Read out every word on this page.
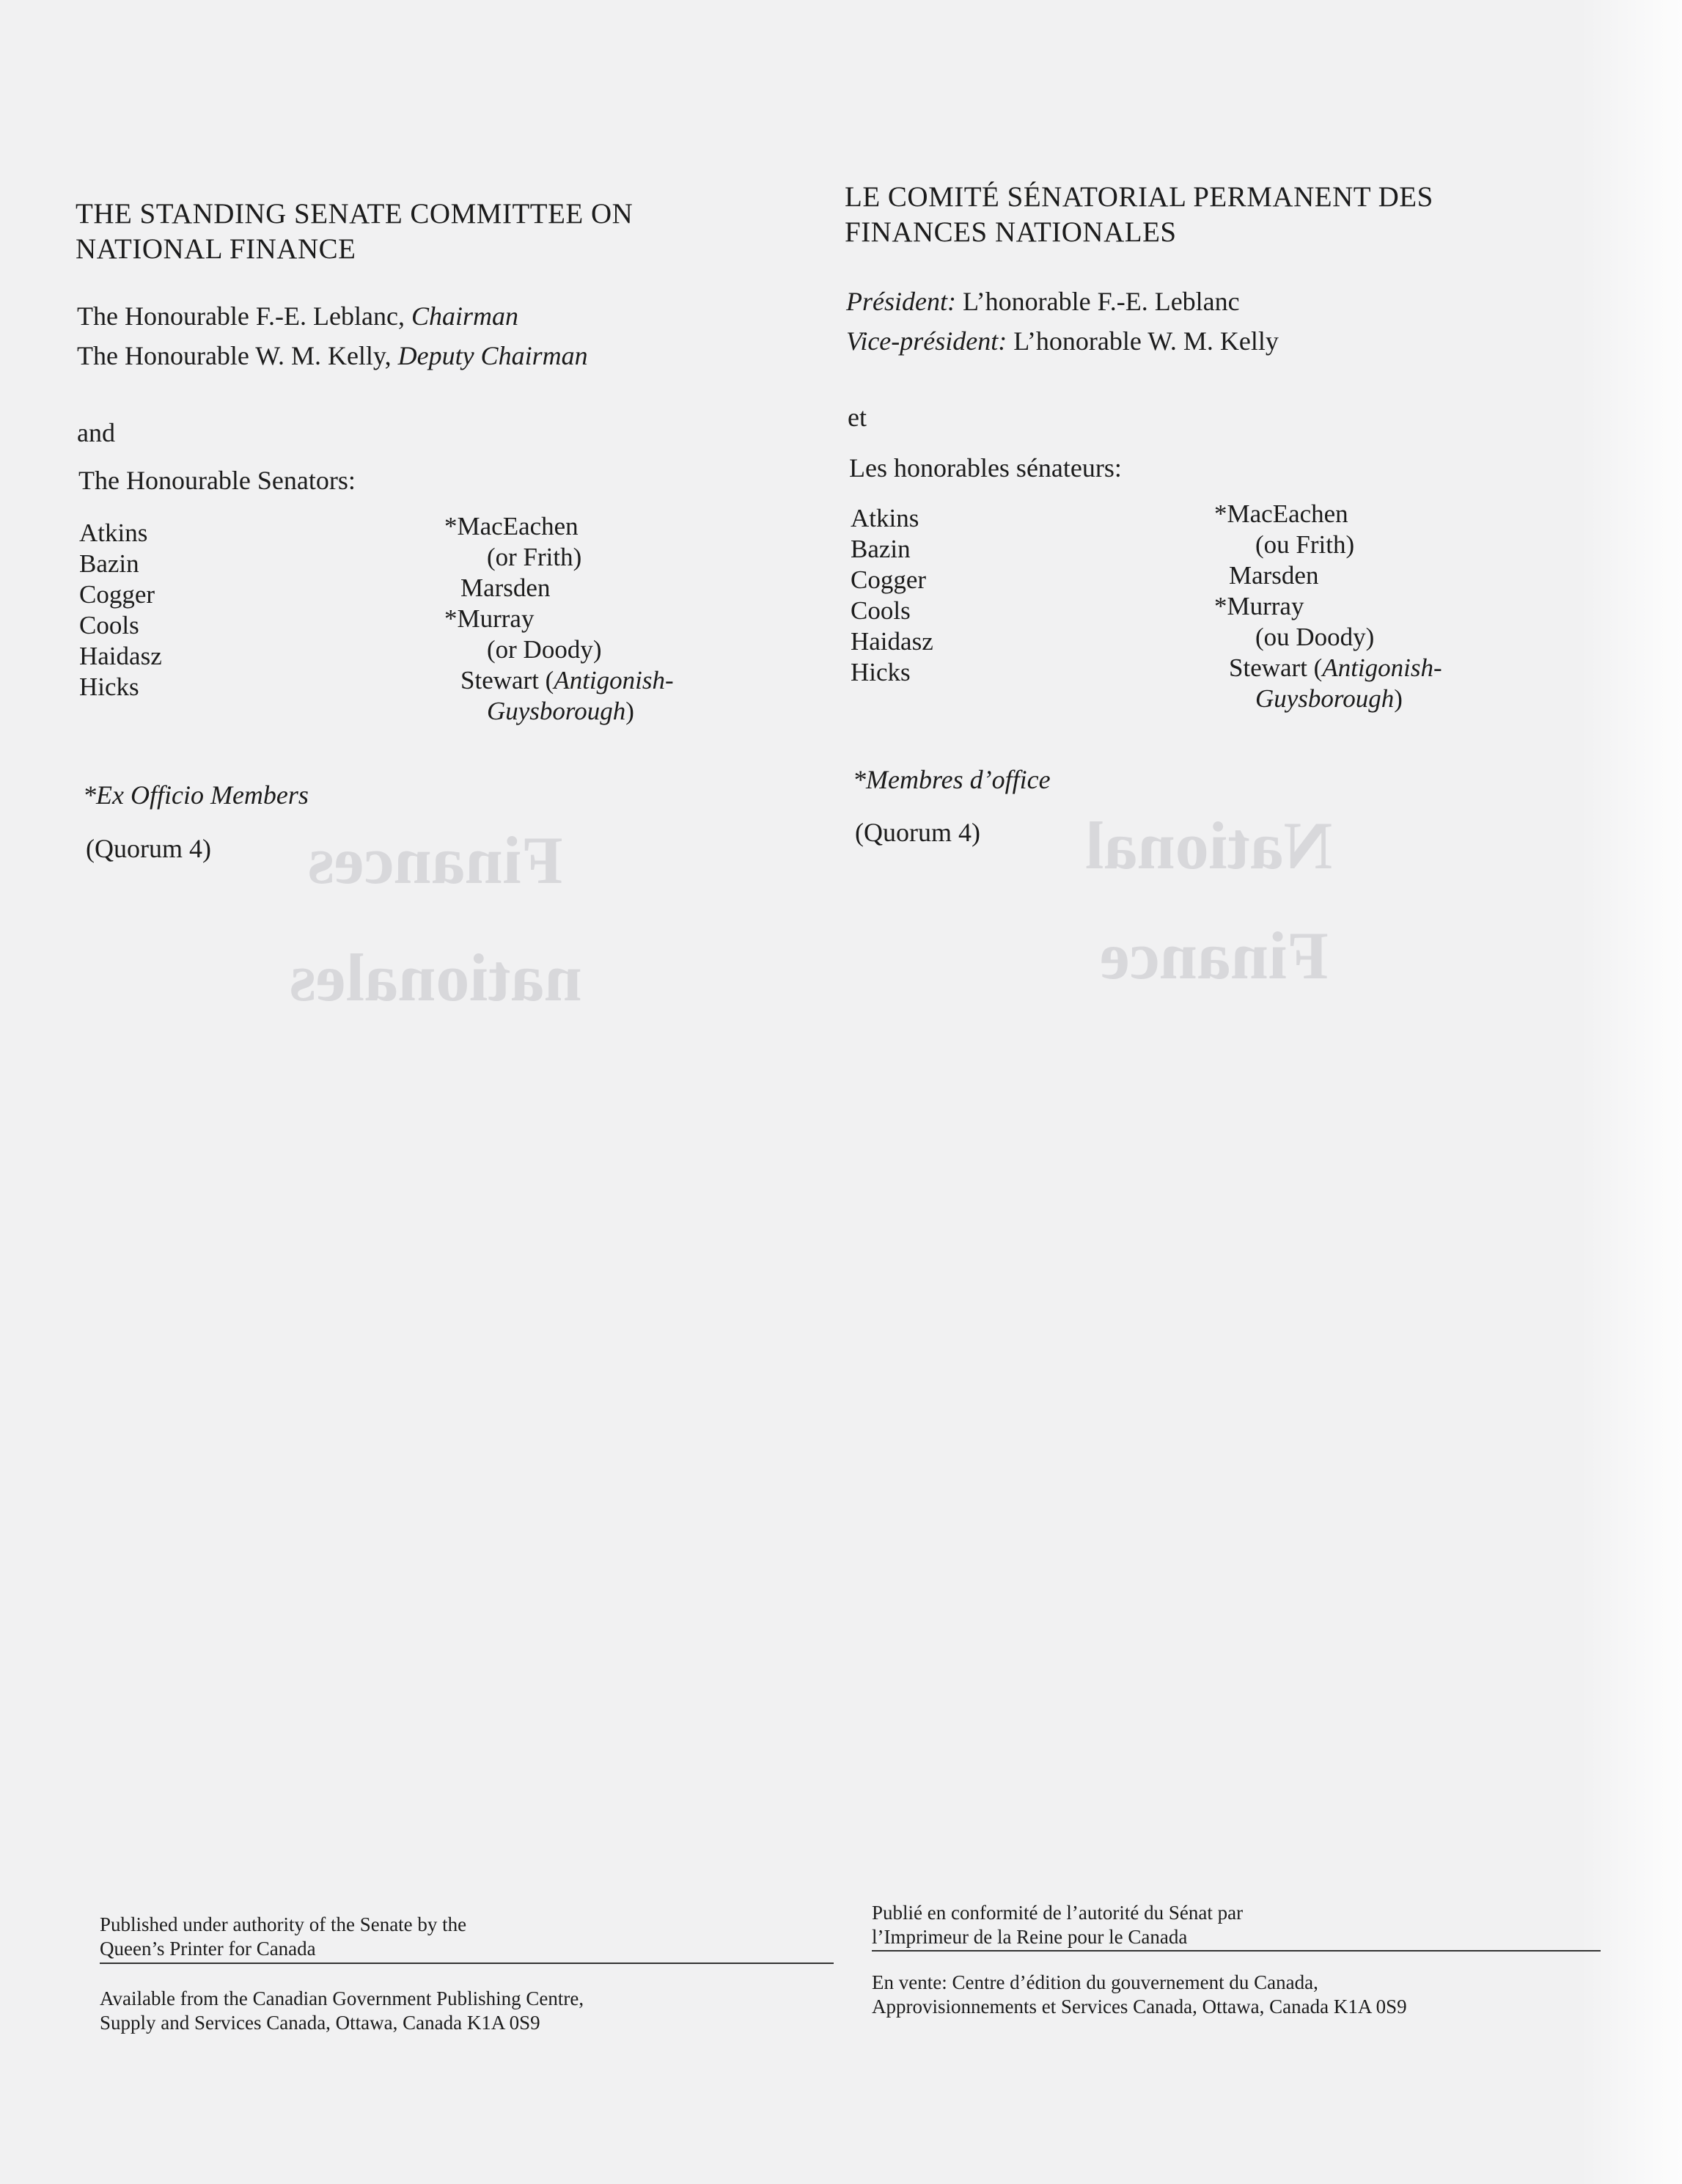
Finances
nationales
National
Finance
THE STANDING SENATE COMMITTEE ON
NATIONAL FINANCE

The Honourable F.-E. Leblanc, Chairman

The Honourable W. M. Kelly, Deputy Chairman

and
The Honourable Senators:
Atkins
Bazin
Cogger
Cools
Haidasz
Hicks
*MacEachen
(or Frith)
Marsden
*Murray
(or Doody)
Stewart (Antigonish-
Guysborough)
*Ex Officio Members
(Quorum 4)
LE COMITÉ SÉNATORIAL PERMANENT DES
FINANCES NATIONALES

Président: L’honorable F.-E. Leblanc

Vice-président: L’honorable W. M. Kelly

et
Les honorables sénateurs:
Atkins
Bazin
Cogger
Cools
Haidasz
Hicks
*MacEachen
(ou Frith)
Marsden
*Murray
(ou Doody)
Stewart (Antigonish-
Guysborough)
*Membres d’office
(Quorum 4)
Published under authority of the Senate by the
Queen’s Printer for Canada
Available from the Canadian Government Publishing Centre,
Supply and Services Canada, Ottawa, Canada K1A 0S9
Publié en conformité de l’autorité du Sénat par
l’Imprimeur de la Reine pour le Canada
En vente: Centre d’édition du gouvernement du Canada,
Approvisionnements et Services Canada, Ottawa, Canada K1A 0S9
